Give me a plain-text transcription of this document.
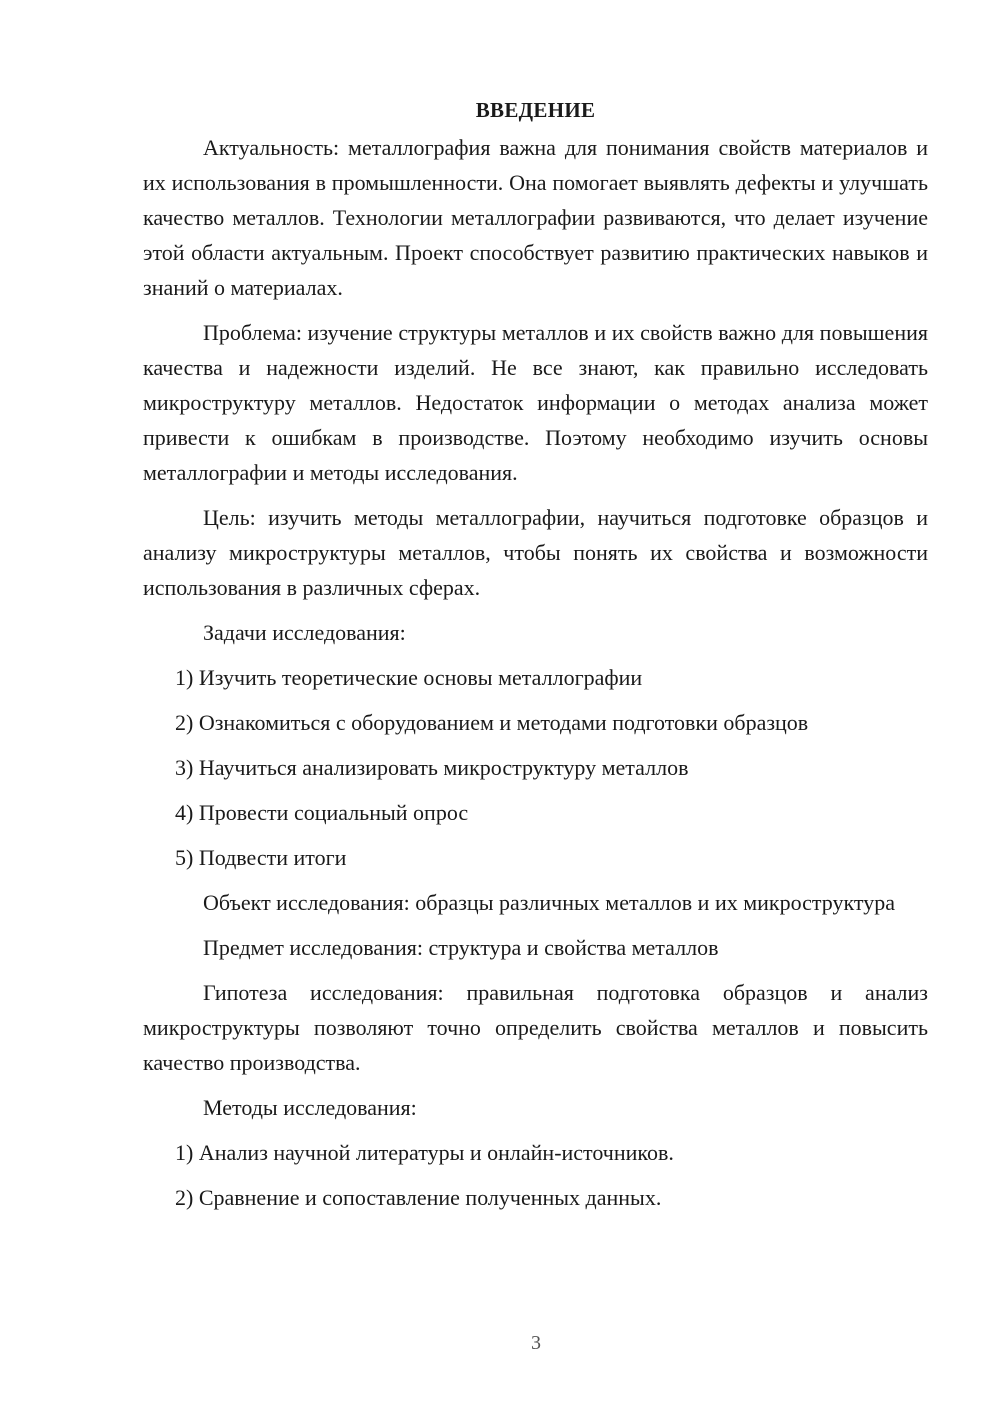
ВВЕДЕНИЕ

Актуальность: металлография важна для понимания свойств материалов и их использования в промышленности. Она помогает выявлять дефекты и улучшать качество металлов. Технологии металлографии развиваются, что делает изучение этой области актуальным. Проект способствует развитию практических навыков и знаний о материалах.

Проблема: изучение структуры металлов и их свойств важно для повышения качества и надежности изделий. Не все знают, как правильно исследовать микроструктуру металлов. Недостаток информации о методах анализа может привести к ошибкам в производстве. Поэтому необходимо изучить основы металлографии и методы исследования.

Цель: изучить методы металлографии, научиться подготовке образцов и анализу микроструктуры металлов, чтобы понять их свойства и возможности использования в различных сферах.

Задачи исследования:

1) Изучить теоретические основы металлографии

2) Ознакомиться с оборудованием и методами подготовки образцов

3) Научиться анализировать микроструктуру металлов

4) Провести социальный опрос

5) Подвести итоги

Объект исследования: образцы различных металлов и их микроструктура

Предмет исследования: структура и свойства металлов

Гипотеза исследования: правильная подготовка образцов и анализ микроструктуры позволяют точно определить свойства металлов и повысить качество производства.

Методы исследования:

1) Анализ научной литературы и онлайн-источников.

2) Сравнение и сопоставление полученных данных.

3
